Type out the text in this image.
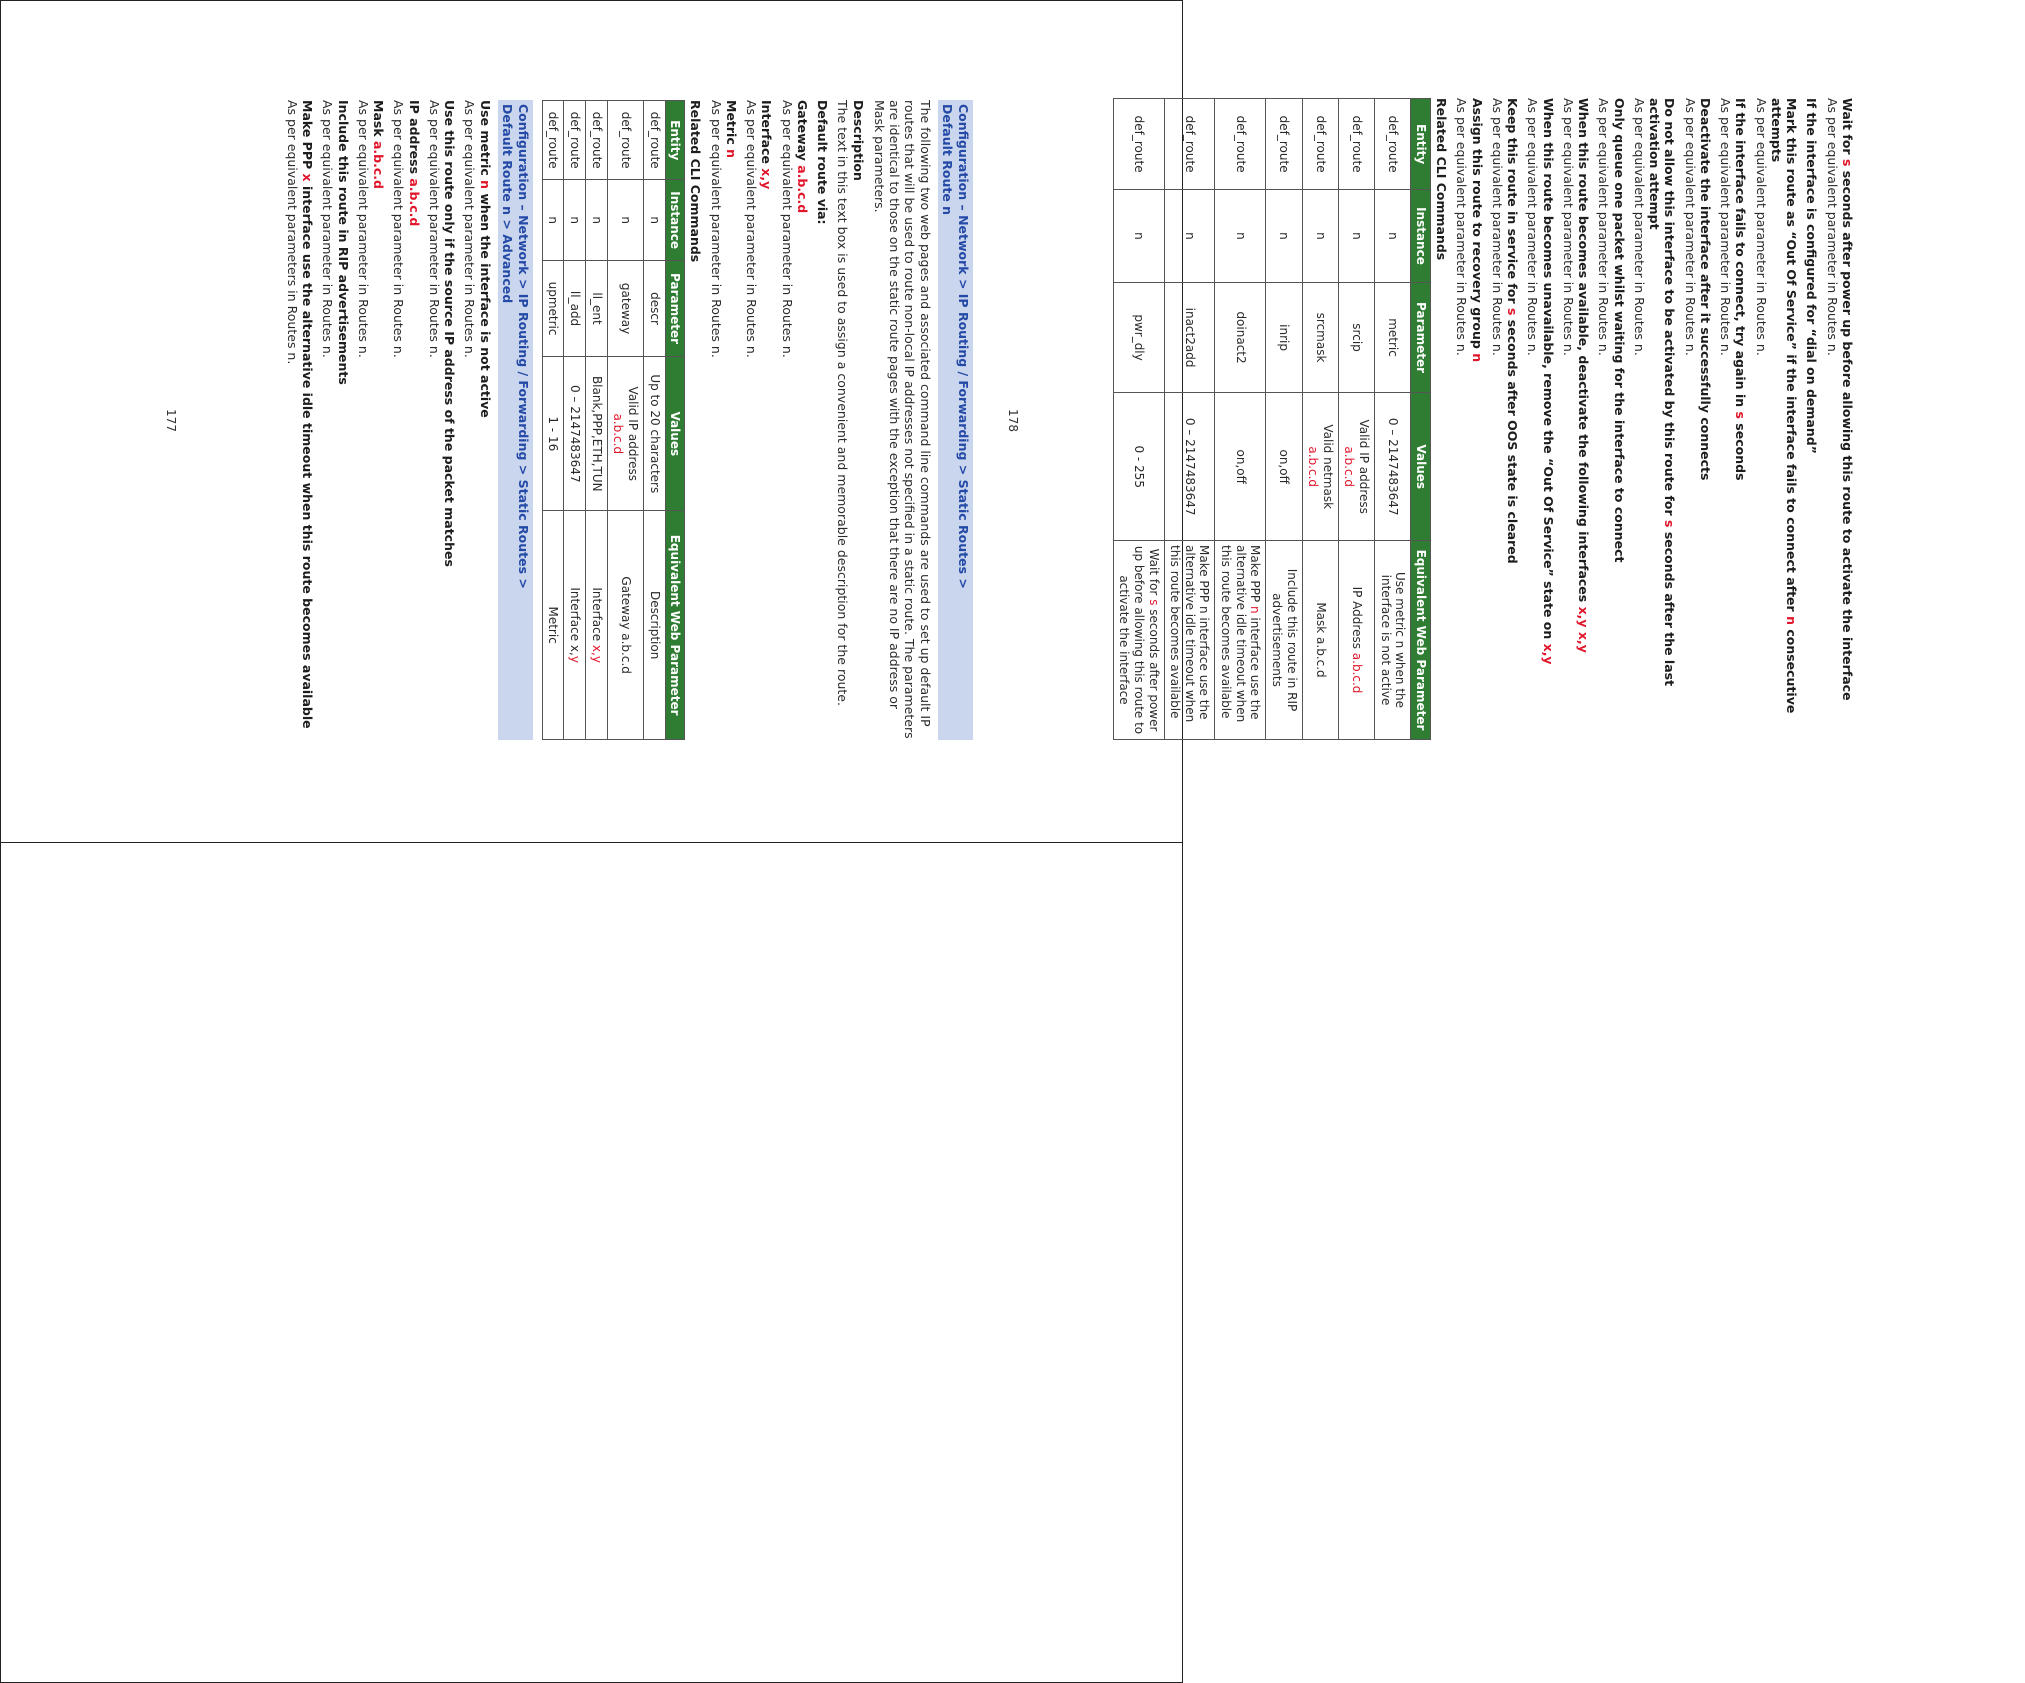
Configuration – Network > IP Routing / Forwarding > Static Routes >
Default Route n

The following two web pages and associated command line commands are used to set up default IP routes that will be used to route non-local IP addresses not specified in a static route. The parameters are identical to those on the static route pages with the exception that there are no IP address or Mask parameters.

Description
The text in this text box is used to assign a convenient and memorable description for the route.
Default route via:
Gateway a.b.c.d
As per equivalent parameter in Routes n.
Interface x,y
As per equivalent parameter in Routes n.
Metric n
As per equivalent parameter in Routes n.
Related CLI Commands
Entity	Instance	Parameter	Values	Equivalent Web Parameter
def_route	n	descr	Up to 20 characters	Description
def_route	n	gateway	Valid IP address
a.b.c.d	Gateway a.b.c.d
def_route	n	ll_ent	Blank,PPP,ETH,TUN	Interface x,y
def_route	n	ll_add	0 – 2147483647	Interface x,y
def_route	n	upmetric	1 - 16	Metric
Configuration – Network > IP Routing / Forwarding > Static Routes >
Default Route n > Advanced
Use metric n when the interface is not active
As per equivalent parameter in Routes n.
Use this route only if the source IP address of the packet matches
As per equivalent parameter in Routes n.
IP address a.b.c.d
As per equivalent parameter in Routes n.
Mask a.b.c.d
As per equivalent parameter in Routes n.
Include this route in RIP advertisements
As per equivalent parameter in Routes n.
Make PPP x interface use the alternative idle timeout when this route becomes available
As per equivalent parameters in Routes n.
177
Wait for s seconds after power up before allowing this route to activate the interface
As per equivalent parameter in Routes n.
If the interface is configured for “dial on demand”
Mark this route as “Out Of Service” if the interface fails to connect after n consecutive attempts
As per equivalent parameter in Routes n.
If the interface fails to connect, try again in s seconds
As per equivalent parameter in Routes n.
Deactivate the interface after it successfully connects
As per equivalent parameter in Routes n.
Do not allow this interface to be activated by this route for s seconds after the last activation attempt
As per equivalent parameter in Routes n.
Only queue one packet whilst waiting for the interface to connect
As per equivalent parameter in Routes n.
When this route becomes available, deactivate the following interfaces x,y x,y
As per equivalent parameter in Routes n.
When this route becomes unavailable, remove the “Out Of Service” state on x,y
As per equivalent parameter in Routes n.
Keep this route in service for s seconds after OOS state is cleared
As per equivalent parameter in Routes n.
Assign this route to recovery group n
As per equivalent parameter in Routes n.
Related CLI Commands
Entity	Instance	Parameter	Values	Equivalent Web Parameter
def_route	n	metric	0 – 2147483647	Use metric n when the interface is not active
def_route	n	srcip	Valid IP address
a.b.c.d	IP Address a.b.c.d
def_route	n	srcmask	Valid netmask
a.b.c.d	Mask a.b.c.d
def_route	n	inrip	on,off	Include this route in RIP advertisements
def_route	n	doinact2	on,off	Make PPP n interface use the alternative idle timeout when this route becomes available
def_route	n	inact2add	0 – 2147483647	Make PPP n interface use the alternative idle timeout when this route becomes available
def_route	n	pwr_dly	0 - 255	Wait for s seconds after power up before allowing this route to activate the interface
178
